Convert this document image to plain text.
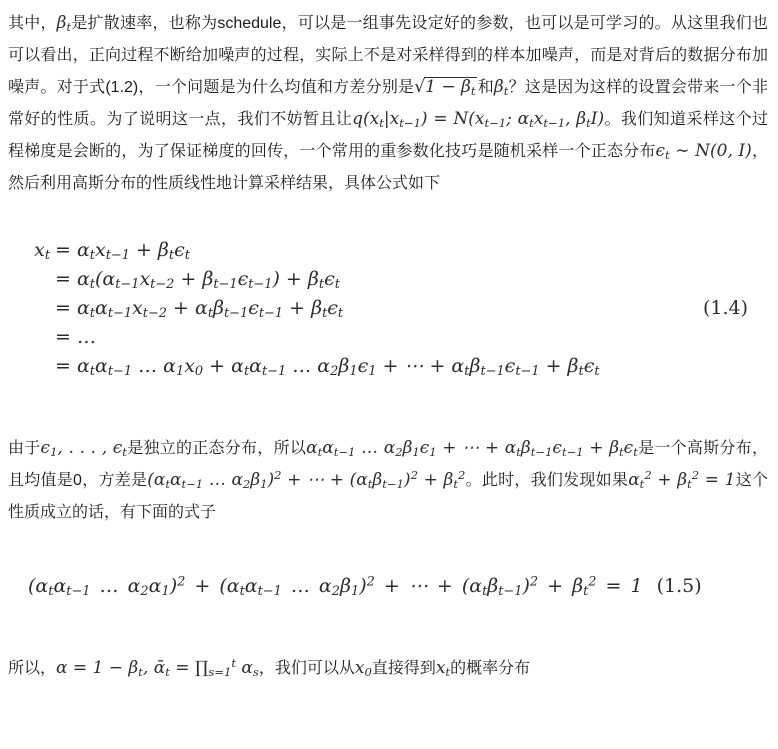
其中，$\beta_t$是扩散速率，也称为schedule，可以是一组事先设定好的参数，也可以是可学习的。从这里我们也可以看出，正向过程不断给加噪声的过程，实际上不是对采样得到的样本加噪声，而是对背后的数据分布加噪声。对于式(1.2)，一个问题是为什么均值和方差分别是$√1 - \beta_t$ 和$\beta_t$？这是因为这样的设置会带来一个非常好的性质。为了说明这一点，我们不妨暂且让$q(x_t|x_{t-1}) = N(x_{t-1}$; $\alpha_tx_{t-1}$, $\beta_tI$)。我们知道采样这个过程梯度是会断的，为了保证梯度的回传，一个常用的重参数化技巧是随机采样一个正态分布$\epsilon_t$ ∼ N(0, I)，然后利用高斯分布的性质线性地计算采样结果，具体公式如下

$x_t = \alpha_tx_{t-1} + \beta_t\epsilon_t$
= $\alpha_t(\alpha_{t-1}x_{t-2} + \beta_{t-1}\epsilon_{t-1}) + \beta_t\epsilon_t$
= $\alpha_t\alpha_{t-1}x_{t-2} + \alpha_t\beta_{t-1}\epsilon_{t-1} + \beta_t\epsilon_t$	(1.4)
= …
= $\alpha_t\alpha_{t-1}$ … $\alpha_1x_0 + \alpha_t\alpha_{t-1}$ … $\alpha_2\beta_1\epsilon_1$ + ⋯ + $\alpha_t\beta_{t-1}\epsilon_{t-1} + \beta_t\epsilon_t$

由于$\epsilon_1$, . . . , $\epsilon_t$是独立的正态分布，所以$\alpha_t\alpha_{t-1}$ … $\alpha_2\beta_1\epsilon_1$ + ⋯ + $\alpha_t\beta_{t-1}\epsilon_{t-1} + \beta_t\epsilon_t$是一个高斯分布，且均值是0，方差是($\alpha_t\alpha_{t-1}$ … $\alpha_2\beta_1)^2$ + ⋯ + $(\alpha_t\beta_{t-1})^2 + \beta_t^2$。此时，我们发现如果$\alpha_t^2 + \beta_t^2 = 1$这个性质成立的话，有下面的式子

($\alpha_t\alpha_{t-1}$ … $\alpha_2\alpha_1)^2 + (\alpha_t\alpha_{t-1}$ … $\alpha_2\beta_1)^2$ + ⋯ + $(\alpha_t\beta_{t-1})^2 + \beta_t^2 = 1$ (1.5)

所以，$\alpha = 1 - \beta_t$, ᾱ$_t$ = $\prod_{s=1}^t$ $\alpha_s$，我们可以从$x_0$直接得到$x_t$的概率分布
